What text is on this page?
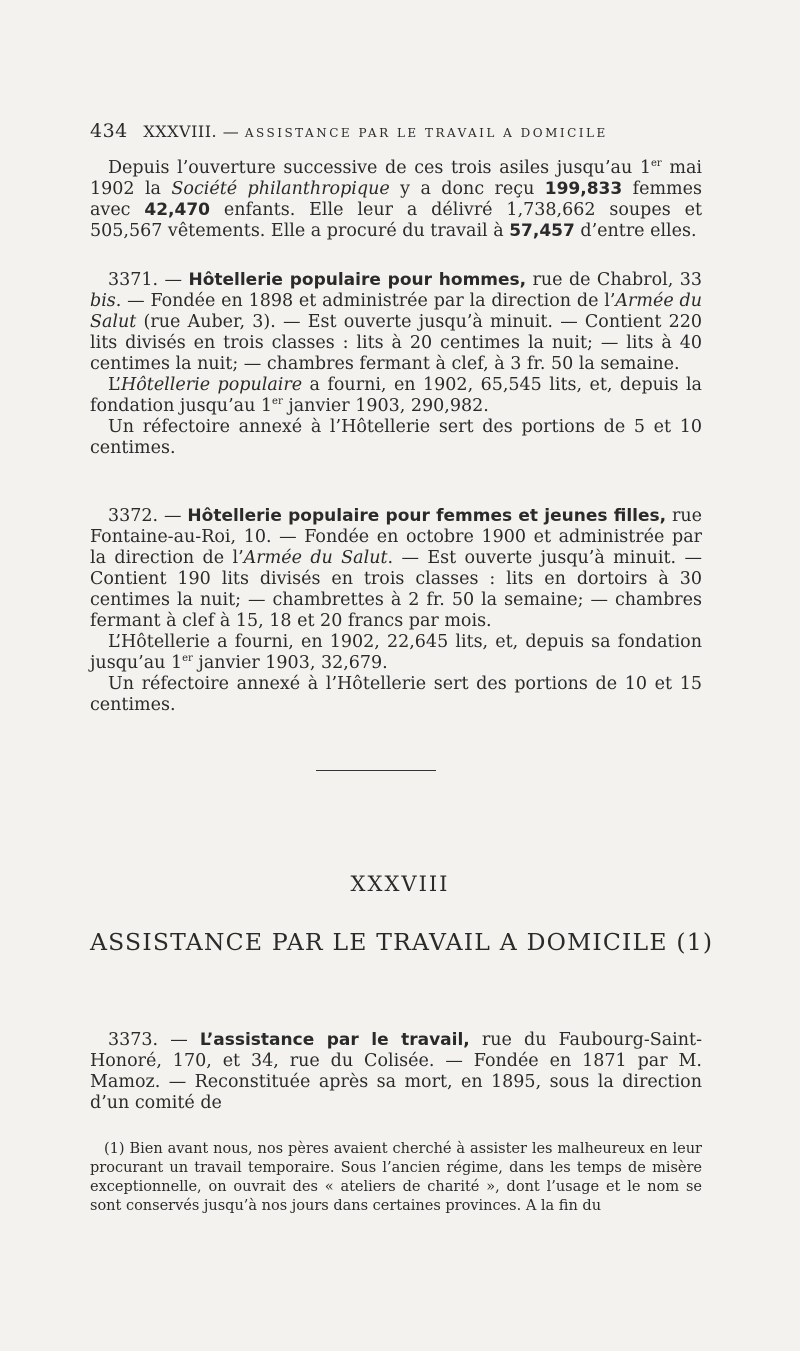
434 XXXVIII. — ASSISTANCE PAR LE TRAVAIL A DOMICILE

Depuis l’ouverture successive de ces trois asiles jusqu’au 1er mai 1902 la Société philanthropique y a donc reçu 199,833 femmes avec 42,470 enfants. Elle leur a délivré 1,738,662 soupes et 505,567 vêtements. Elle a procuré du travail à 57,457 d’entre elles.

3371. — Hôtellerie populaire pour hommes, rue de Chabrol, 33 bis. — Fondée en 1898 et administrée par la direction de l’Armée du Salut (rue Auber, 3). — Est ouverte jusqu’à minuit. — Contient 220 lits divisés en trois classes : lits à 20 centimes la nuit; — lits à 40 centimes la nuit; — chambres fermant à clef, à 3 fr. 50 la semaine.

L’Hôtellerie populaire a fourni, en 1902, 65,545 lits, et, depuis la fondation jusqu’au 1er janvier 1903, 290,982.

Un réfectoire annexé à l’Hôtellerie sert des portions de 5 et 10 centimes.

3372. — Hôtellerie populaire pour femmes et jeunes filles, rue Fontaine-au-Roi, 10. — Fondée en octobre 1900 et administrée par la direction de l’Armée du Salut. — Est ouverte jusqu’à minuit. — Contient 190 lits divisés en trois classes : lits en dortoirs à 30 centimes la nuit; — chambrettes à 2 fr. 50 la semaine; — chambres fermant à clef à 15, 18 et 20 francs par mois.

L’Hôtellerie a fourni, en 1902, 22,645 lits, et, depuis sa fondation jusqu’au 1er janvier 1903, 32,679.

Un réfectoire annexé à l’Hôtellerie sert des portions de 10 et 15 centimes.

XXXVIII
ASSISTANCE PAR LE TRAVAIL A DOMICILE (1)

3373. — L’assistance par le travail, rue du Faubourg-Saint-Honoré, 170, et 34, rue du Colisée. — Fondée en 1871 par M. Mamoz. — Reconstituée après sa mort, en 1895, sous la direction d’un comité de

(1) Bien avant nous, nos pères avaient cherché à assister les malheureux en leur procurant un travail temporaire. Sous l’ancien régime, dans les temps de misère exceptionnelle, on ouvrait des « ateliers de charité », dont l’usage et le nom se sont conservés jusqu’à nos jours dans certaines provinces. A la fin du
